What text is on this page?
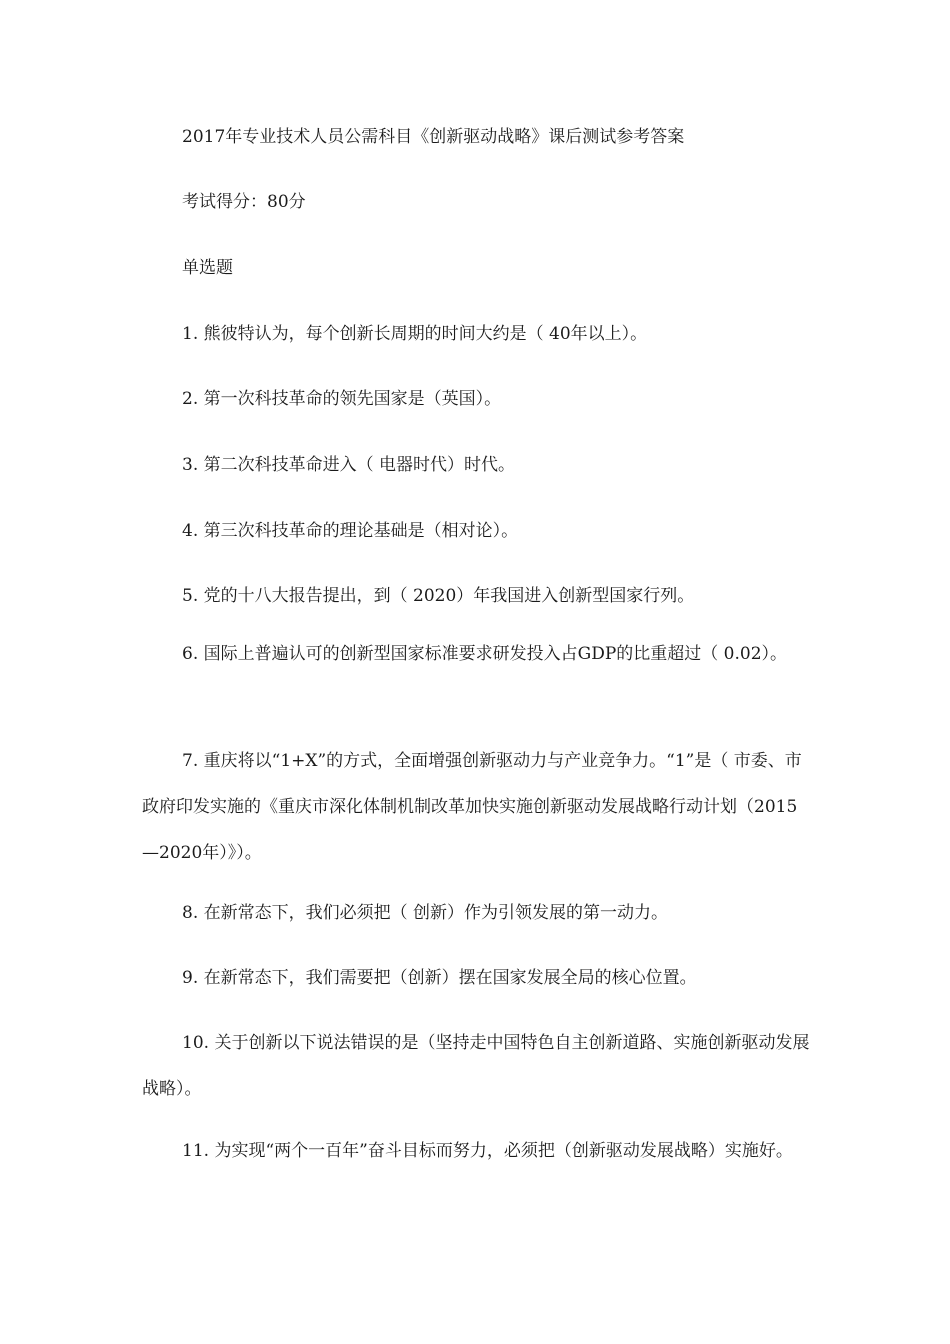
2017年专业技术人员公需科目《创新驱动战略》课后测试参考答案

考试得分：80分

单选题

1. 熊彼特认为，每个创新长周期的时间大约是（ 40年以上）。

2. 第一次科技革命的领先国家是（英国）。

3. 第二次科技革命进入（ 电器时代）时代。

4. 第三次科技革命的理论基础是（相对论）。

5. 党的十八大报告提出，到（ 2020）年我国进入创新型国家行列。

6. 国际上普遍认可的创新型国家标准要求研发投入占GDP的比重超过（ 0.02）。

7. 重庆将以“1+X”的方式，全面增强创新驱动力与产业竞争力。“1”是（ 市委、市政府印发实施的《重庆市深化体制机制改革加快实施创新驱动发展战略行动计划（2015—2020年）》）。

8. 在新常态下，我们必须把（ 创新）作为引领发展的第一动力。

9. 在新常态下，我们需要把（创新）摆在国家发展全局的核心位置。

10. 关于创新以下说法错误的是（坚持走中国特色自主创新道路、实施创新驱动发展战略）。

11. 为实现“两个一百年”奋斗目标而努力，必须把（创新驱动发展战略）实施好。
